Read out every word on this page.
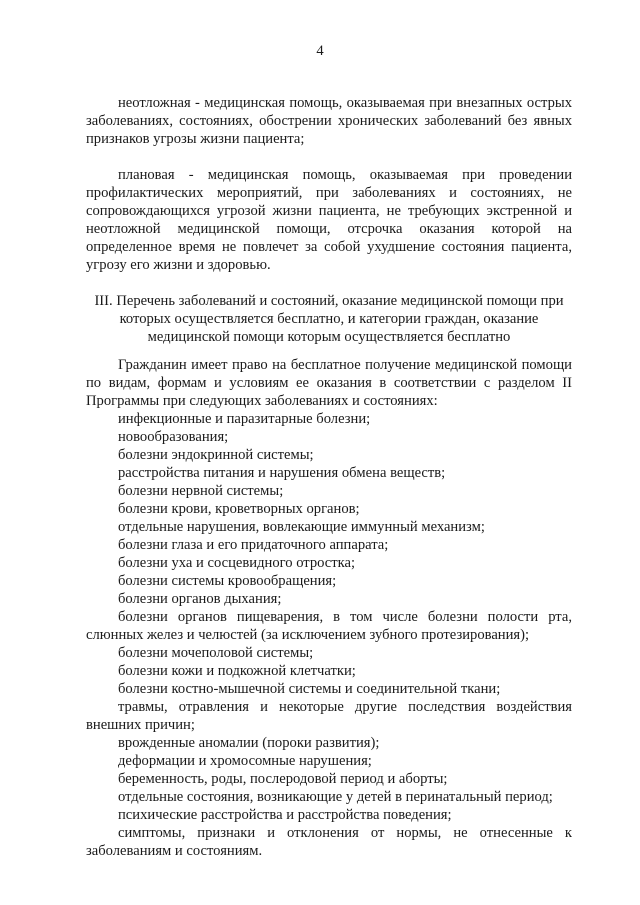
4

неотложная - медицинская помощь, оказываемая при внезапных острых заболеваниях, состояниях, обострении хронических заболеваний без явных признаков угрозы жизни пациента;

плановая - медицинская помощь, оказываемая при проведении профилактических мероприятий, при заболеваниях и состояниях, не сопровождающихся угрозой жизни пациента, не требующих экстренной и неотложной медицинской помощи, отсрочка оказания которой на определенное время не повлечет за собой ухудшение состояния пациента, угрозу его жизни и здоровью.

III. Перечень заболеваний и состояний, оказание медицинской помощи при которых осуществляется бесплатно, и категории граждан, оказание медицинской помощи которым осуществляется бесплатно

Гражданин имеет право на бесплатное получение медицинской помощи по видам, формам и условиям ее оказания в соответствии с разделом II Программы при следующих заболеваниях и состояниях:

инфекционные и паразитарные болезни;
новообразования;
болезни эндокринной системы;
расстройства питания и нарушения обмена веществ;
болезни нервной системы;
болезни крови, кроветворных органов;
отдельные нарушения, вовлекающие иммунный механизм;
болезни глаза и его придаточного аппарата;
болезни уха и сосцевидного отростка;
болезни системы кровообращения;
болезни органов дыхания;
болезни органов пищеварения, в том числе болезни полости рта, слюнных желез и челюстей (за исключением зубного протезирования);
болезни мочеполовой системы;
болезни кожи и подкожной клетчатки;
болезни костно-мышечной системы и соединительной ткани;
травмы, отравления и некоторые другие последствия воздействия внешних причин;
врожденные аномалии (пороки развития);
деформации и хромосомные нарушения;
беременность, роды, послеродовой период и аборты;
отдельные состояния, возникающие у детей в перинатальный период;
психические расстройства и расстройства поведения;
симптомы, признаки и отклонения от нормы, не отнесенные к заболеваниям и состояниям.
